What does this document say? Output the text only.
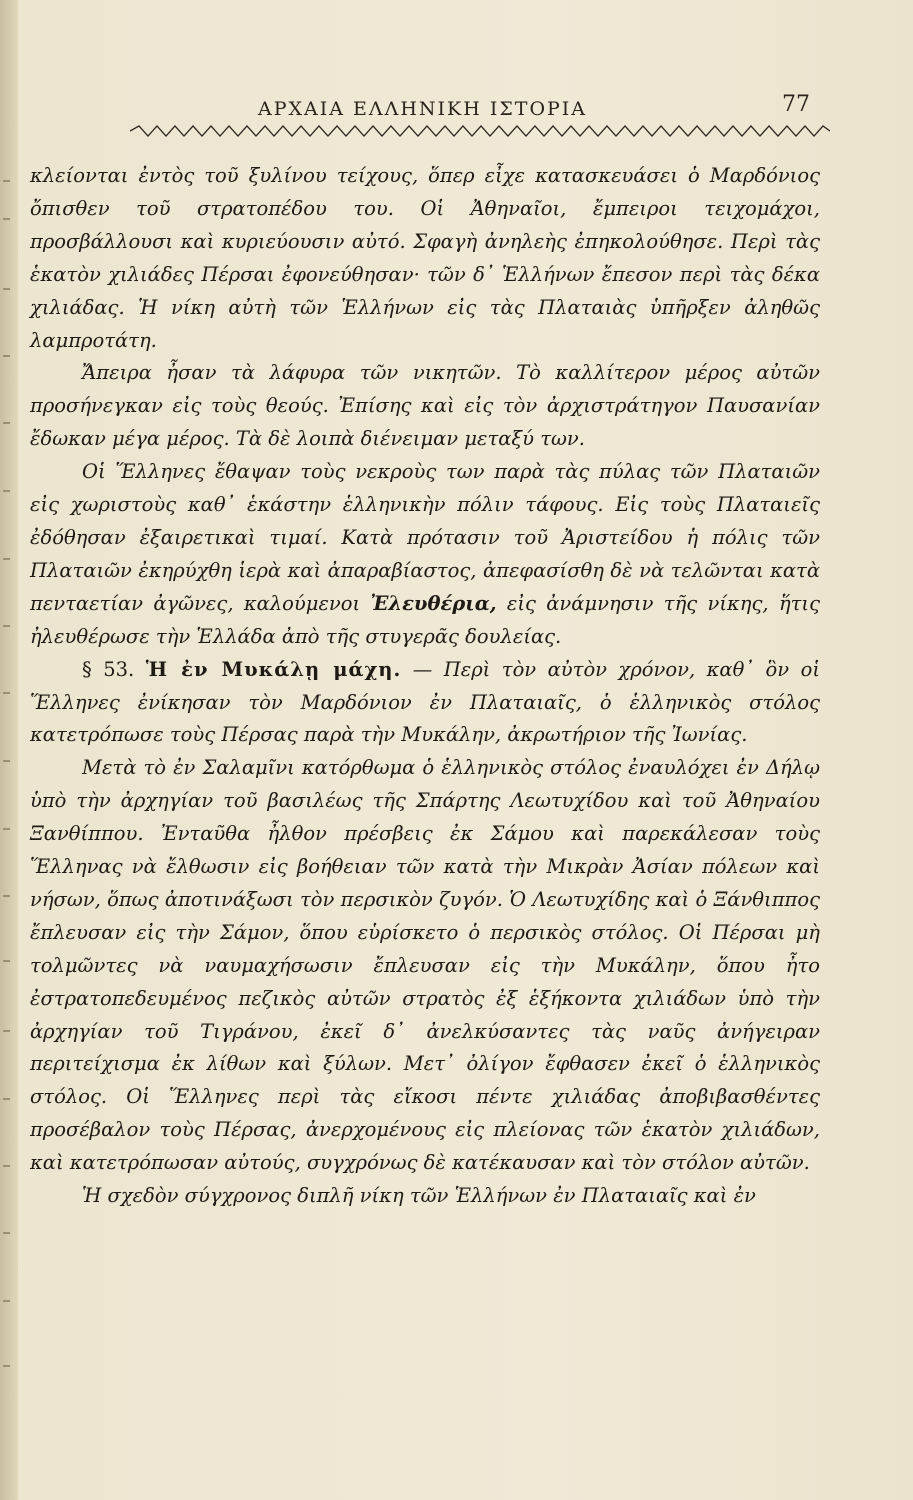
ΑΡΧΑΙΑ ΕΛΛΗΝΙΚΗ ΙΣΤΟΡΙΑ	77

κλείονται ἐντὸς τοῦ ξυλίνου τείχους, ὅπερ εἶχε κατασκευάσει ὁ Μαρδόνιος ὄπισθεν τοῦ στρατοπέδου του. Οἱ Ἀθηναῖοι, ἔμπειροι τειχομάχοι, προσβάλλουσι καὶ κυριεύουσιν αὐτό. Σφαγὴ ἀνηλεὴς ἐπηκολούθησε. Περὶ τὰς ἑκατὸν χιλιάδες Πέρσαι ἐφονεύθησαν· τῶν δ᾿ Ἑλλήνων ἔπεσον περὶ τὰς δέκα χιλιάδας. Ἡ νίκη αὐτὴ τῶν Ἑλλήνων εἰς τὰς Πλαταιὰς ὑπῆρξεν ἀληθῶς λαμπροτάτη.

Ἄπειρα ἦσαν τὰ λάφυρα τῶν νικητῶν. Τὸ καλλίτερον μέρος αὐτῶν προσήνεγκαν εἰς τοὺς θεούς. Ἐπίσης καὶ εἰς τὸν ἀρχιστράτηγον Παυσανίαν ἔδωκαν μέγα μέρος. Τὰ δὲ λοιπὰ διένειμαν μεταξύ των.

Οἱ Ἕλληνες ἔθαψαν τοὺς νεκροὺς των παρὰ τὰς πύλας τῶν Πλαταιῶν εἰς χωριστοὺς καθ᾿ ἑκάστην ἑλληνικὴν πόλιν τάφους. Εἰς τοὺς Πλαταιεῖς ἐδόθησαν ἐξαιρετικαὶ τιμαί. Κατὰ πρότασιν τοῦ Ἀριστείδου ἡ πόλις τῶν Πλαταιῶν ἐκηρύχθη ἱερὰ καὶ ἀπαραβίαστος, ἀπεφασίσθη δὲ νὰ τελῶνται κατὰ πενταετίαν ἀγῶνες, καλούμενοι Ἐλευθέρια, εἰς ἀνάμνησιν τῆς νίκης, ἥτις ἠλευθέρωσε τὴν Ἑλλάδα ἀπὸ τῆς στυγερᾶς δουλείας.

§ 53. Ἡ ἐν Μυκάλῃ μάχη. — Περὶ τὸν αὐτὸν χρόνον, καθ᾿ ὃν οἱ Ἕλληνες ἐνίκησαν τὸν Μαρδόνιον ἐν Πλαταιαῖς, ὁ ἑλληνικὸς στόλος κατετρόπωσε τοὺς Πέρσας παρὰ τὴν Μυκάλην, ἀκρωτήριον τῆς Ἰωνίας.

Μετὰ τὸ ἐν Σαλαμῖνι κατόρθωμα ὁ ἑλληνικὸς στόλος ἐναυλόχει ἐν Δήλῳ ὑπὸ τὴν ἀρχηγίαν τοῦ βασιλέως τῆς Σπάρτης Λεωτυχίδου καὶ τοῦ Ἀθηναίου Ξανθίππου. Ἐνταῦθα ἦλθον πρέσβεις ἐκ Σάμου καὶ παρεκάλεσαν τοὺς Ἕλληνας νὰ ἔλθωσιν εἰς βοήθειαν τῶν κατὰ τὴν Μικρὰν Ἀσίαν πόλεων καὶ νήσων, ὅπως ἀποτινάξωσι τὸν περσικὸν ζυγόν. Ὁ Λεωτυχίδης καὶ ὁ Ξάνθιππος ἔπλευσαν εἰς τὴν Σάμον, ὅπου εὑρίσκετο ὁ περσικὸς στόλος. Οἱ Πέρσαι μὴ τολμῶντες νὰ ναυμαχήσωσιν ἔπλευσαν εἰς τὴν Μυκάλην, ὅπου ἦτο ἐστρατοπεδευμένος πεζικὸς αὐτῶν στρατὸς ἐξ ἑξήκοντα χιλιάδων ὑπὸ τὴν ἀρχηγίαν τοῦ Τιγράνου, ἐκεῖ δ᾿ ἀνελκύσαντες τὰς ναῦς ἀνήγειραν περιτείχισμα ἐκ λίθων καὶ ξύλων. Μετ᾿ ὀλίγον ἔφθασεν ἐκεῖ ὁ ἑλληνικὸς στόλος. Οἱ Ἕλληνες περὶ τὰς εἴκοσι πέντε χιλιάδας ἀποβιβασθέντες προσέβαλον τοὺς Πέρσας, ἀνερχομένους εἰς πλείονας τῶν ἑκατὸν χιλιάδων, καὶ κατετρόπωσαν αὐτούς, συγχρόνως δὲ κατέκαυσαν καὶ τὸν στόλον αὐτῶν.

Ἡ σχεδὸν σύγχρονος διπλῆ νίκη τῶν Ἑλλήνων ἐν Πλαταιαῖς καὶ ἐν
